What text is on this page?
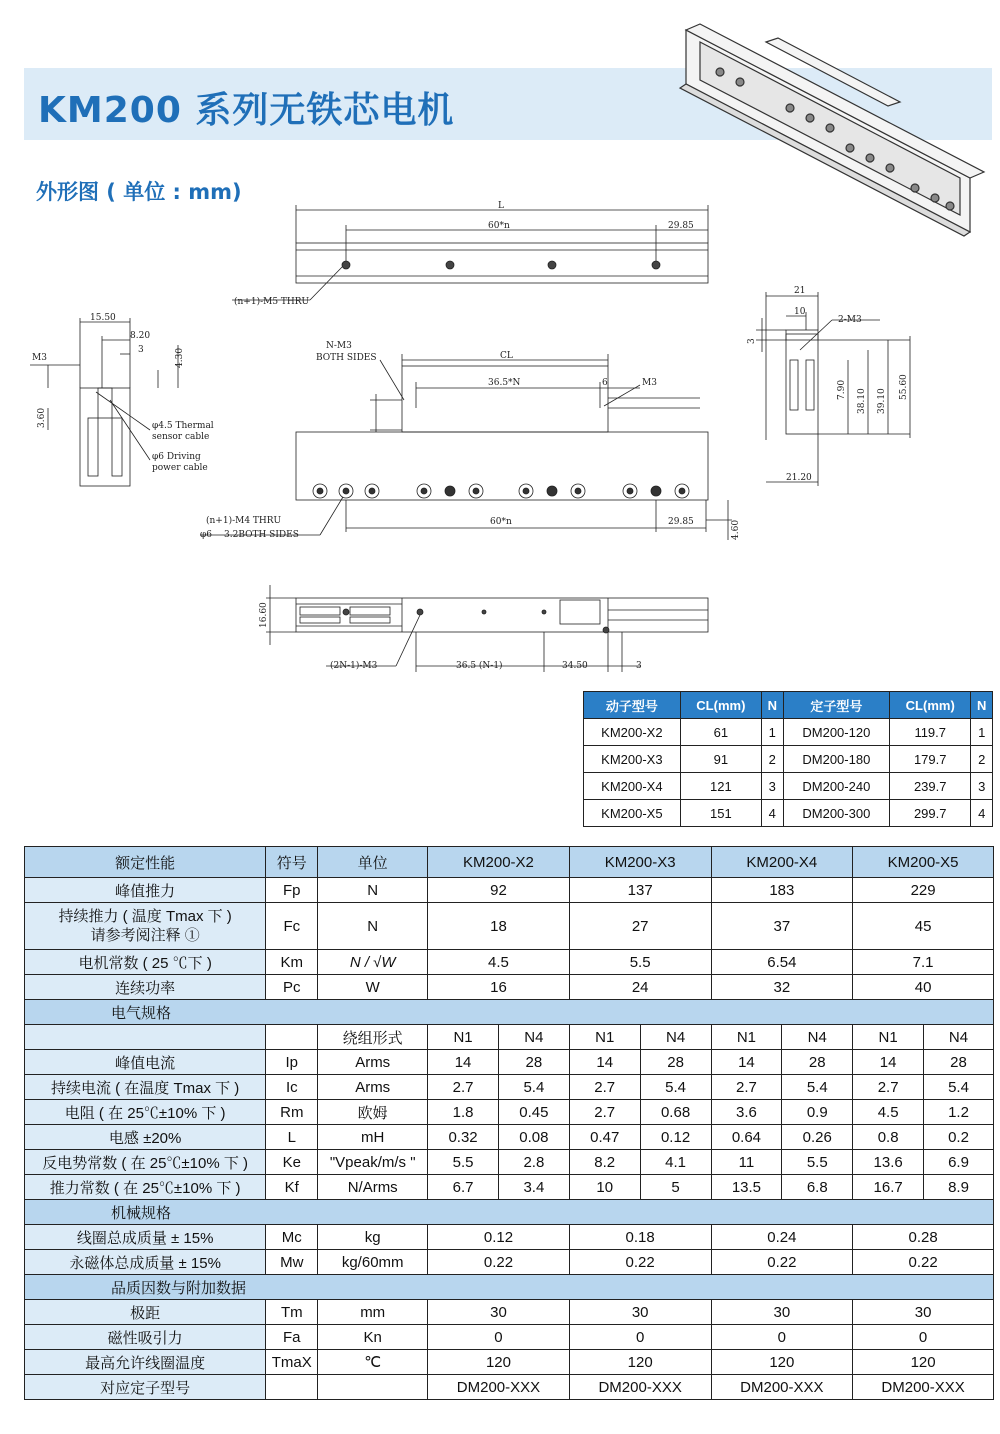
KM200 系列无铁芯电机
外形图 ( 单位 : mm)
L
60*n	29.85
(n+1)-M5 THRU
15.50
8.20
3	4.30
M3
3.60	φ4.5 Thermal
sensor cable
φ6 Driving
power cable
N-M3
BOTH SIDES	CL
36.5*N	6	M3
(n+1)-M4 THRU
φ6 3.2BOTH SIDES
60*n	29.85	4.60
21
10
2-M3
3
7.90 38.10 39.10
55.60
21.20
16.60
(2N-1)-M3	36.5 (N-1)	34.50	3
动子型号	CL(mm)	N	定子型号	CL(mm)	N
KM200-X2	61	1	DM200-120	119.7	1
KM200-X3	91	2	DM200-180	179.7	2
KM200-X4	121	3	DM200-240	239.7	3
KM200-X5	151	4	DM200-300	299.7	4
额定性能	符号	单位	KM200-X2		KM200-X3		KM200-X4		KM200-X5	
峰值推力	Fp	N	92		137		183		229	

持续推力 ( 温度 Tmax 下 )
请参考阅注释 ①	Fc	N	18		27		37		45	
电机常数 ( 25 ℃下 )	Km	N / √W	4.5		5.5		6.54		7.1	
连续功率	Pc	W	16		24		32		40	
电气规格										
		绕组形式	N1	N4	N1	N4	N1	N4	N1	N4
峰值电流	Ip	Arms	14	28	14	28	14	28	14	28
持续电流 ( 在温度 Tmax 下 )	Ic	Arms	2.7	5.4	2.7	5.4	2.7	5.4	2.7	5.4
电阻 ( 在 25℃±10% 下 )	Rm	欧姆	1.8	0.45	2.7	0.68	3.6	0.9	4.5	1.2
电感 ±20%	L	mH	0.32	0.08	0.47	0.12	0.64	0.26	0.8	0.2
反电势常数 ( 在 25℃±10% 下 )	Ke	"Vpeak/m/s "	5.5	2.8	8.2	4.1	11	5.5	13.6	6.9
推力常数 ( 在 25℃±10% 下 )	Kf	N/Arms	6.7	3.4	10	5	13.5	6.8	16.7	8.9
机械规格										
线圈总成质量 ± 15%	Mc	kg	0.12		0.18		0.24		0.28	
永磁体总成质量 ± 15%	Mw	kg/60mm	0.22		0.22		0.22		0.22	
品质因数与附加数据										
极距	Tm	mm	30		30		30		30	
磁性吸引力	Fa	Kn	0		0		0		0	
最高允许线圈温度	TmaX	℃	120		120		120		120	
对应定子型号			DM200-XXX		DM200-XXX		DM200-XXX		DM200-XXX	
